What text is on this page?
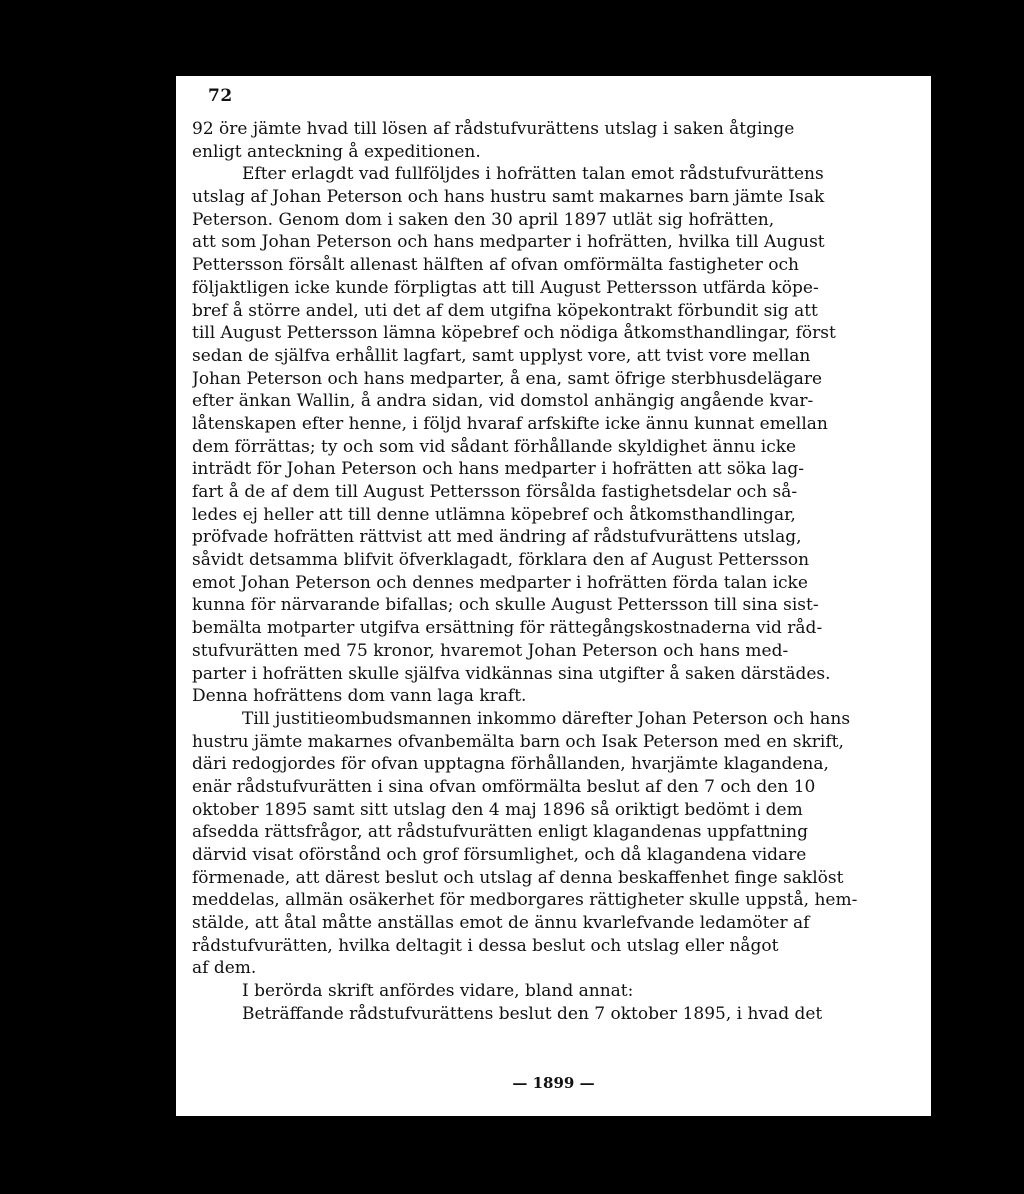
72
92 öre jämte hvad till lösen af rådstufvurättens utslag i saken åtginge
enligt anteckning å expeditionen.
Efter erlagdt vad fullföljdes i hofrätten talan emot rådstufvurättens
utslag af Johan Peterson och hans hustru samt makarnes barn jämte Isak
Peterson. Genom dom i saken den 30 april 1897 utlät sig hofrätten,
att som Johan Peterson och hans medparter i hofrätten, hvilka till August
Pettersson försålt allenast hälften af ofvan omförmälta fastigheter och
följaktligen icke kunde förpligtas att till August Pettersson utfärda köpe-
bref å större andel, uti det af dem utgifna köpekontrakt förbundit sig att
till August Pettersson lämna köpebref och nödiga åtkomsthandlingar, först
sedan de själfva erhållit lagfart, samt upplyst vore, att tvist vore mellan
Johan Peterson och hans medparter, å ena, samt öfrige sterbhusdelägare
efter änkan Wallin, å andra sidan, vid domstol anhängig angående kvar-
låtenskapen efter henne, i följd hvaraf arfskifte icke ännu kunnat emellan
dem förrättas; ty och som vid sådant förhållande skyldighet ännu icke
inträdt för Johan Peterson och hans medparter i hofrätten att söka lag-
fart å de af dem till August Pettersson försålda fastighetsdelar och så-
ledes ej heller att till denne utlämna köpebref och åtkomsthandlingar,
pröfvade hofrätten rättvist att med ändring af rådstufvurättens utslag,
såvidt detsamma blifvit öfverklagadt, förklara den af August Pettersson
emot Johan Peterson och dennes medparter i hofrätten förda talan icke
kunna för närvarande bifallas; och skulle August Pettersson till sina sist-
bemälta motparter utgifva ersättning för rättegångskostnaderna vid råd-
stufvurätten med 75 kronor, hvaremot Johan Peterson och hans med-
parter i hofrätten skulle själfva vidkännas sina utgifter å saken därstädes.
Denna hofrättens dom vann laga kraft.
Till justitieombudsmannen inkommo därefter Johan Peterson och hans
hustru jämte makarnes ofvanbemälta barn och Isak Peterson med en skrift,
däri redogjordes för ofvan upptagna förhållanden, hvarjämte klagandena,
enär rådstufvurätten i sina ofvan omförmälta beslut af den 7 och den 10
oktober 1895 samt sitt utslag den 4 maj 1896 så oriktigt bedömt i dem
afsedda rättsfrågor, att rådstufvurätten enligt klagandenas uppfattning
därvid visat oförstånd och grof försumlighet, och då klagandena vidare
förmenade, att därest beslut och utslag af denna beskaffenhet finge saklöst
meddelas, allmän osäkerhet för medborgares rättigheter skulle uppstå, hem-
stälde, att åtal måtte anställas emot de ännu kvarlefvande ledamöter af
rådstufvurätten, hvilka deltagit i dessa beslut och utslag eller något
af dem.
I berörda skrift anfördes vidare, bland annat:
Beträffande rådstufvurättens beslut den 7 oktober 1895, i hvad det
— 1899 —
